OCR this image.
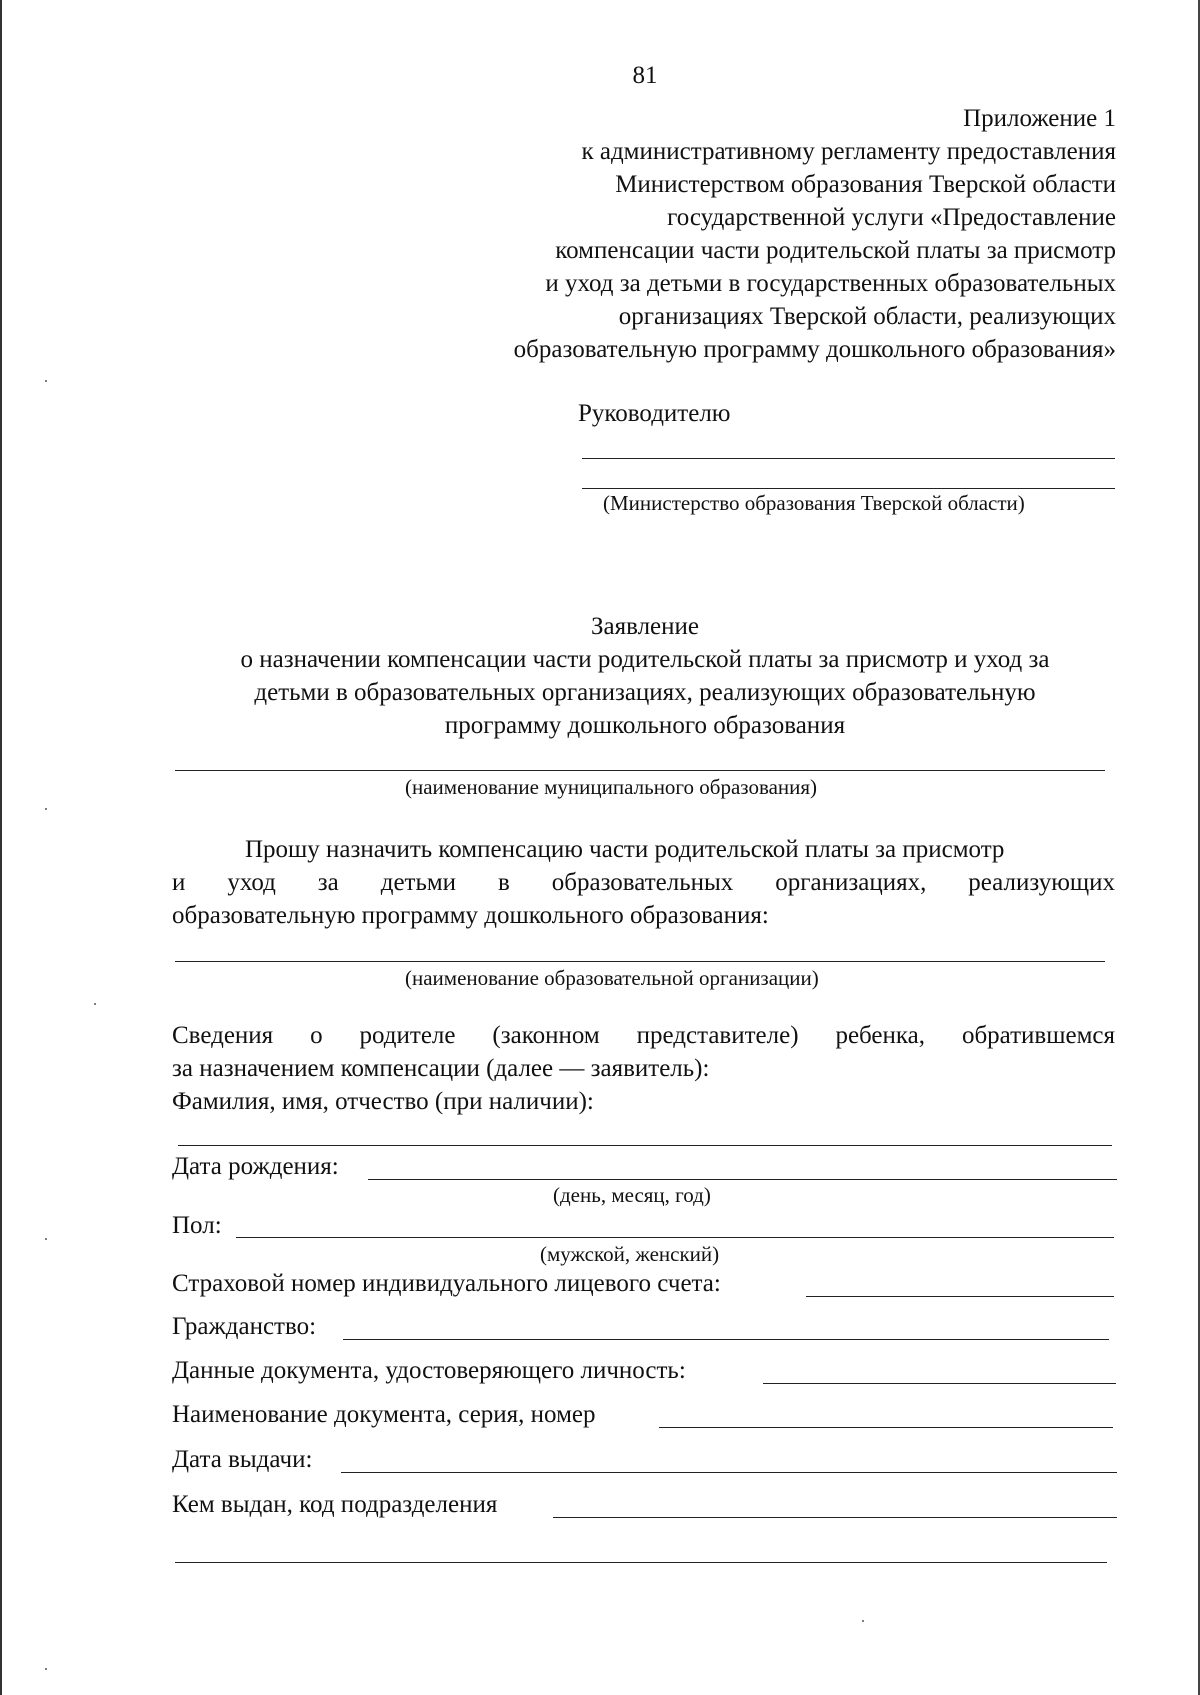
81
Приложение 1
к административному регламенту предоставления
Министерством образования Тверской области
государственной услуги «Предоставление
компенсации части родительской платы за присмотр
и уход за детьми в государственных образовательных
организациях Тверской области, реализующих
образовательную программу дошкольного образования»
Руководителю
(Министерство образования Тверской области)
Заявление
о назначении компенсации части родительской платы за присмотр и уход за
детьми в образовательных организациях, реализующих образовательную
программу дошкольного образования
(наименование муниципального образования)
Прошу назначить компенсацию части родительской платы за присмотр
и уход за детьми в образовательных организациях, реализующих
образовательную программу дошкольного образования:
(наименование образовательной организации)
Сведения о родителе (законном представителе) ребенка, обратившемся
за назначением компенсации (далее — заявитель):
Фамилия, имя, отчество (при наличии):
Дата рождения:
(день, месяц, год)
Пол:
(мужской, женский)
Страховой номер индивидуального лицевого счета:
Гражданство:
Данные документа, удостоверяющего личность:
Наименование документа, серия, номер
Дата выдачи:
Кем выдан, код подразделения
